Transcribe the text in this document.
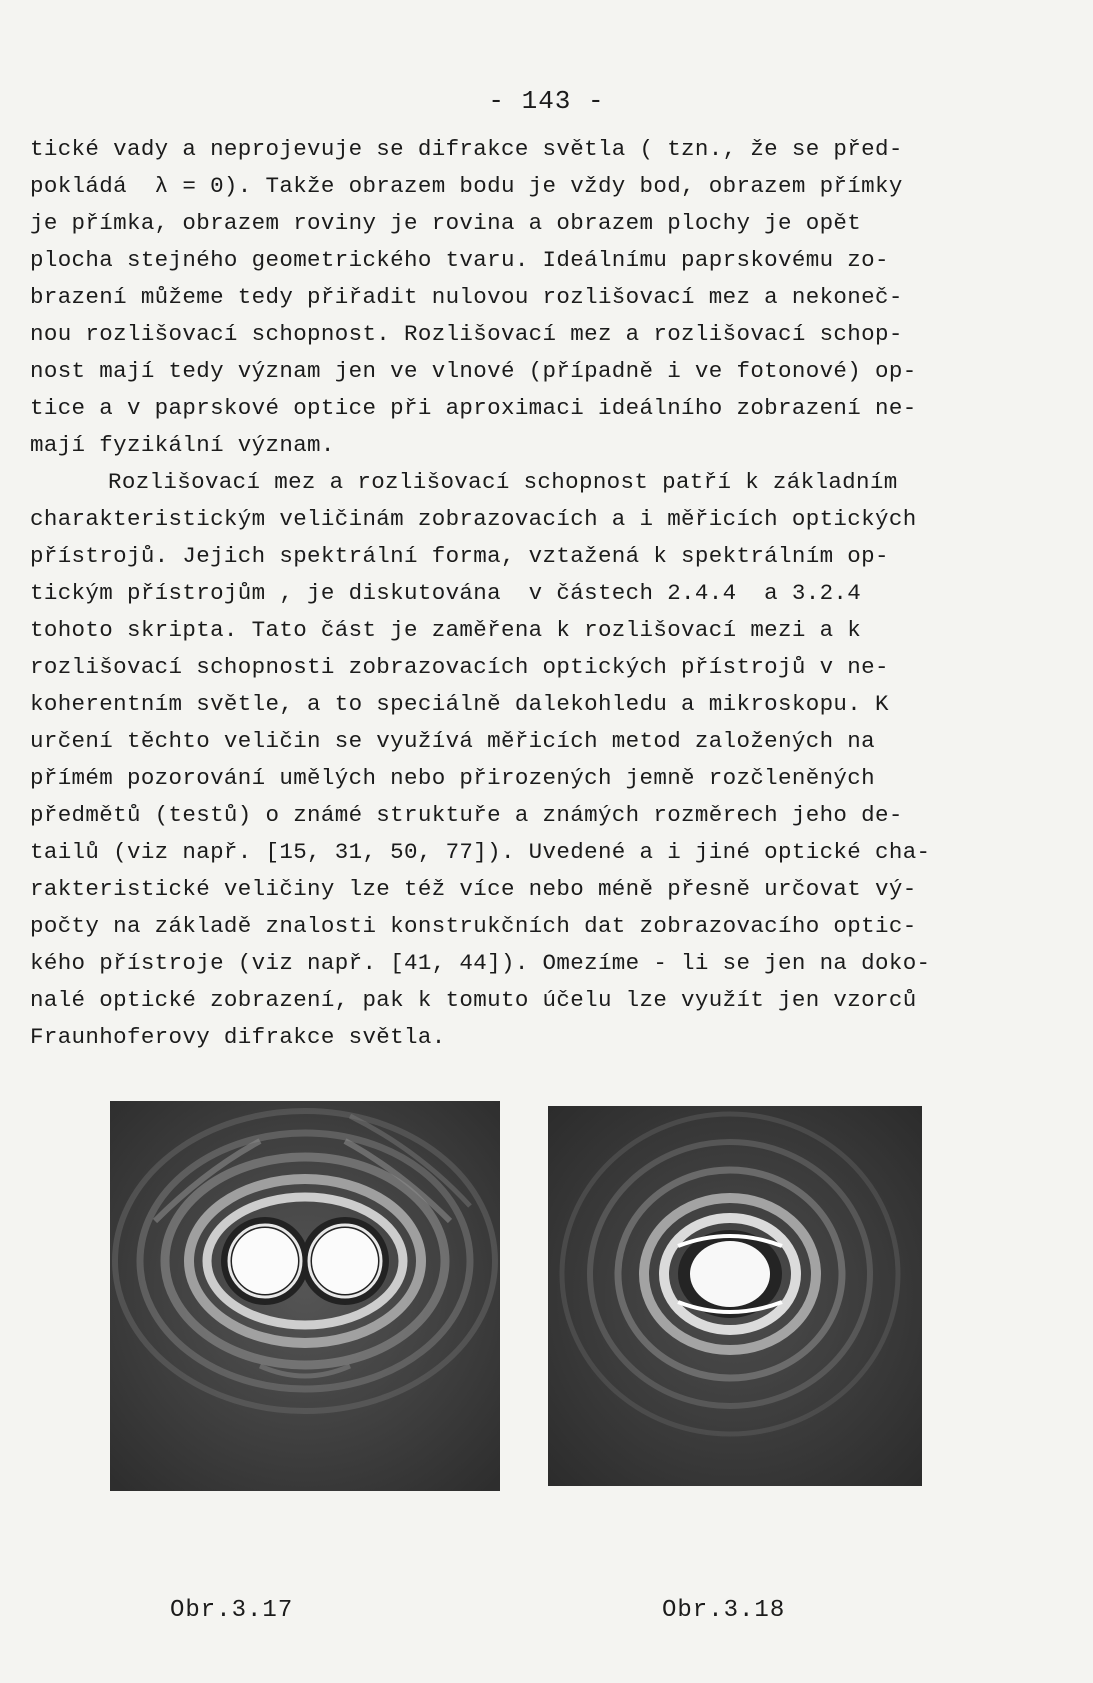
- 143 -
tické vady a neprojevuje se difrakce světla ( tzn., že se před-
pokládá  λ = 0). Takže obrazem bodu je vždy bod, obrazem přímky
je přímka, obrazem roviny je rovina a obrazem plochy je opět
plocha stejného geometrického tvaru. Ideálnímu paprskovému zo-
brazení můžeme tedy přiřadit nulovou rozlišovací mez a nekoneč-
nou rozlišovací schopnost. Rozlišovací mez a rozlišovací schop-
nost mají tedy význam jen ve vlnové (případně i ve fotonové) op-
tice a v paprskové optice při aproximaci ideálního zobrazení ne-
mají fyzikální význam.
Rozlišovací mez a rozlišovací schopnost patří k základním
charakteristickým veličinám zobrazovacích a i měřicích optických
přístrojů. Jejich spektrální forma, vztažená k spektrálním op-
tickým přístrojům , je diskutována  v částech 2.4.4  a 3.2.4
tohoto skripta. Tato část je zaměřena k rozlišovací mezi a k
rozlišovací schopnosti zobrazovacích optických přístrojů v ne-
koherentním světle, a to speciálně dalekohledu a mikroskopu. K
určení těchto veličin se využívá měřicích metod založených na
přímém pozorování umělých nebo přirozených jemně rozčleněných
předmětů (testů) o známé struktuře a známých rozměrech jeho de-
tailů (viz např. [15, 31, 50, 77]). Uvedené a i jiné optické cha-
rakteristické veličiny lze též více nebo méně přesně určovat vý-
počty na základě znalosti konstrukčních dat zobrazovacího optic-
kého přístroje (viz např. [41, 44]). Omezíme - li se jen na doko-
nalé optické zobrazení, pak k tomuto účelu lze využít jen vzorců
Fraunhoferovy difrakce světla.
Obr.3.17	Obr.3.18
